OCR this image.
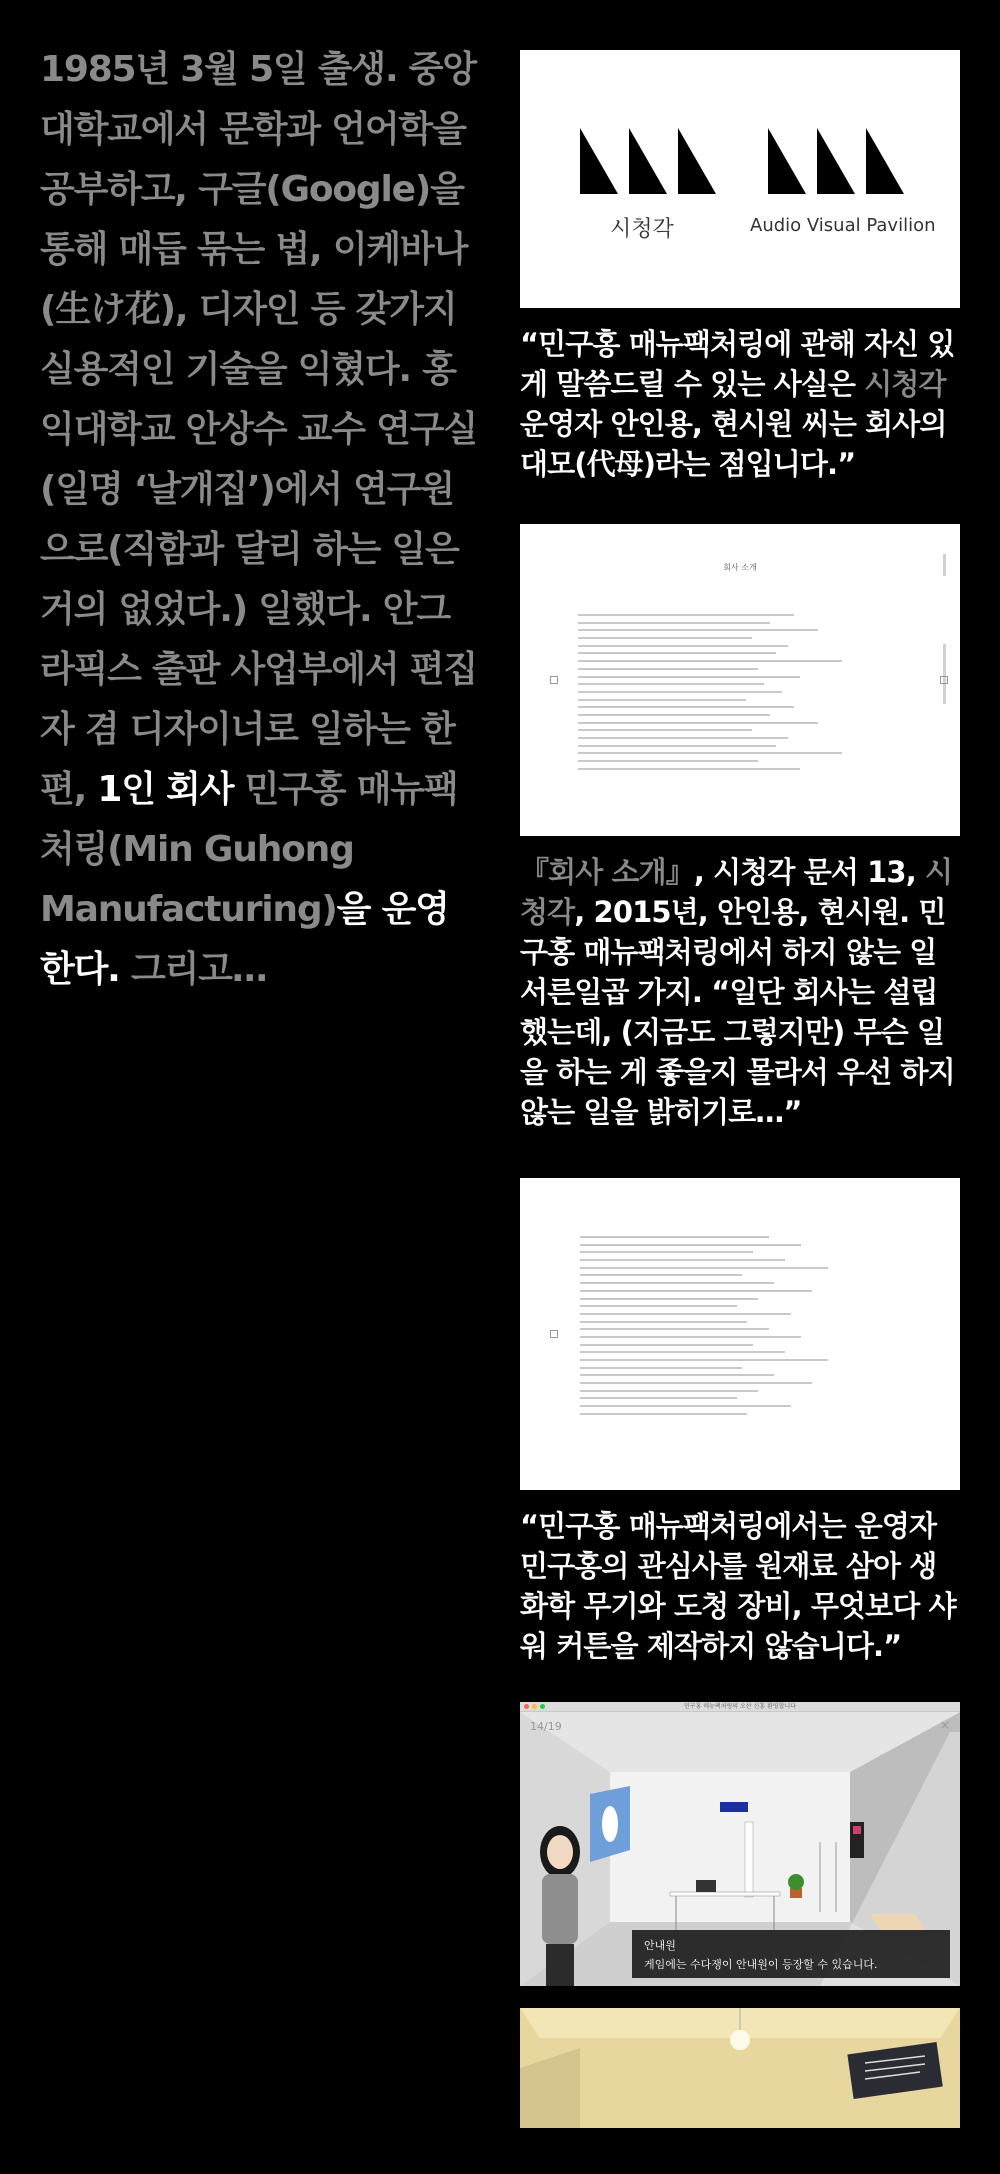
1985년 3월 5일 출생. 중앙대학교에서 문학과 언어학을 공부하고, 구글(Google)을 통해 매듭 묶는 법, 이케바나(生け花), 디자인 등 갖가지 실용적인 기술을 익혔다. 홍익대학교 안상수 교수 연구실(일명 ‘날개집’)에서 연구원으로(직함과 달리 하는 일은 거의 없었다.) 일했다. 안그라픽스 출판 사업부에서 편집자 겸 디자이너로 일하는 한편, 1인 회사 민구홍 매뉴팩처링(Min Guhong Manufacturing)을 운영한다. 그리고…
시청각	Audio Visual Pavilion

“민구홍 매뉴팩처링에 관해 자신 있게 말씀드릴 수 있는 사실은 시청각 운영자 안인용, 현시원 씨는 회사의 대모(代母)라는 점입니다.”

회사 소개

『회사 소개』, 시청각 문서 13, 시청각, 2015년, 안인용, 현시원. 민구홍 매뉴팩처링에서 하지 않는 일 서른일곱 가지. “일단 회사는 설립했는데, (지금도 그렇지만) 무슨 일을 하는 게 좋을지 몰라서 우선 하지 않는 일을 밝히기로…”

“민구홍 매뉴팩처링에서는 운영자 민구홍의 관심사를 원재료 삼아 생화학 무기와 도청 장비, 무엇보다 샤워 커튼을 제작하지 않습니다.”

민구홍 매뉴팩처링의 오산 신흥 환영합니다
14/19	×
안내원
게임에는 수다쟁이 안내원이 등장할 수 있습니다.
